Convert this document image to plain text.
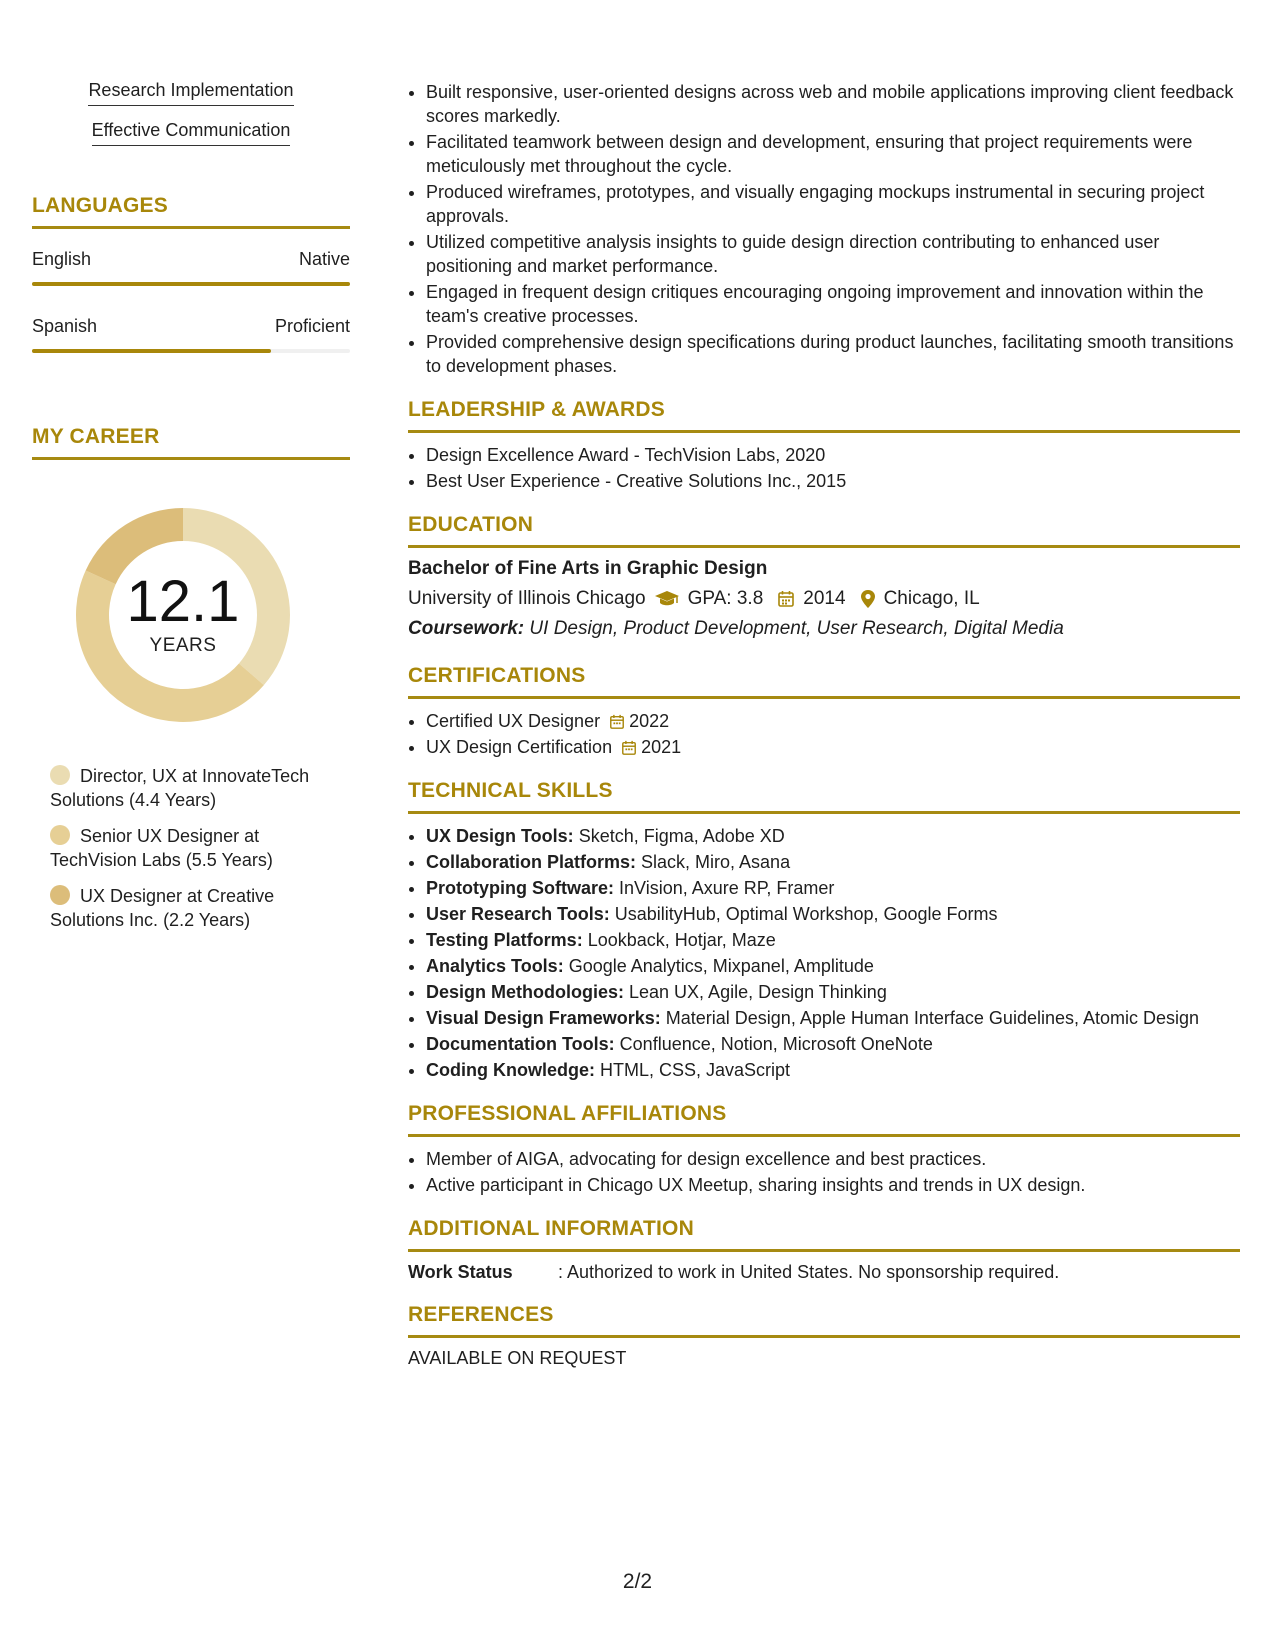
Research Implementation
Effective Communication
LANGUAGES
English	Native
Spanish	Proficient
MY CAREER
12.1
YEARS
Director, UX at InnovateTech Solutions (4.4 Years)
Senior UX Designer at TechVision Labs (5.5 Years)
UX Designer at Creative Solutions Inc. (2.2 Years)
• Built responsive, user-oriented designs across web and mobile applications improving client feedback scores markedly.
• Facilitated teamwork between design and development, ensuring that project requirements were meticulously met throughout the cycle.
• Produced wireframes, prototypes, and visually engaging mockups instrumental in securing project approvals.
• Utilized competitive analysis insights to guide design direction contributing to enhanced user positioning and market performance.
• Engaged in frequent design critiques encouraging ongoing improvement and innovation within the team's creative processes.
• Provided comprehensive design specifications during product launches, facilitating smooth transitions to development phases.
LEADERSHIP & AWARDS
• Design Excellence Award - TechVision Labs, 2020
• Best User Experience - Creative Solutions Inc., 2015
EDUCATION
Bachelor of Fine Arts in Graphic Design
University of Illinois Chicago GPA: 3.8 2014 Chicago, IL
Coursework: UI Design, Product Development, User Research, Digital Media
CERTIFICATIONS
• Certified UX Designer 2022
• UX Design Certification 2021
TECHNICAL SKILLS
• UX Design Tools: Sketch, Figma, Adobe XD
• Collaboration Platforms: Slack, Miro, Asana
• Prototyping Software: InVision, Axure RP, Framer
• User Research Tools: UsabilityHub, Optimal Workshop, Google Forms
• Testing Platforms: Lookback, Hotjar, Maze
• Analytics Tools: Google Analytics, Mixpanel, Amplitude
• Design Methodologies: Lean UX, Agile, Design Thinking
• Visual Design Frameworks: Material Design, Apple Human Interface Guidelines, Atomic Design
• Documentation Tools: Confluence, Notion, Microsoft OneNote
• Coding Knowledge: HTML, CSS, JavaScript
PROFESSIONAL AFFILIATIONS
• Member of AIGA, advocating for design excellence and best practices.
• Active participant in Chicago UX Meetup, sharing insights and trends in UX design.
ADDITIONAL INFORMATION
Work Status	: Authorized to work in United States. No sponsorship required.
REFERENCES
AVAILABLE ON REQUEST
2/2
